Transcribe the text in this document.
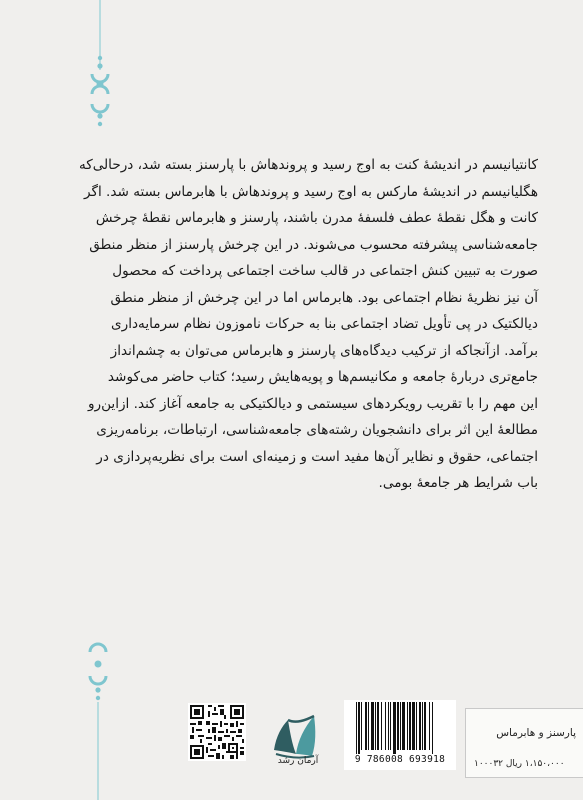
کانتیانیسم در اندیشهٔ کنت به اوج رسید و پروندهاش با پارسنز بسته شد، درحالی‌که
هگلیانیسم در اندیشهٔ مارکس به اوج رسید و پروندهاش با هابرماس بسته شد. اگر
کانت و هگل نقطهٔ عطف فلسفهٔ مدرن باشند، پارسنز و هابرماس نقطهٔ چرخش
جامعه‌شناسی پیشرفته محسوب می‌شوند. در این چرخش پارسنز از منظر منطق
صورت به تبیین کنش اجتماعی در قالب ساخت اجتماعی پرداخت که محصول
آن نیز نظریهٔ نظام اجتماعی بود. هابرماس اما در این چرخش از منظر منطق
دیالکتیک در پی تأویل تضاد اجتماعی بنا به حرکات ناموزون نظام سرمایه‌داری
برآمد. ازآنجاکه از ترکیب دیدگاه‌های پارسنز و هابرماس می‌توان به چشم‌انداز
جامع‌تری دربارهٔ جامعه و مکانیسم‌ها و پویه‌هایش رسید؛ کتاب حاضر می‌کوشد
این مهم را با تقریب رویکردهای سیستمی و دیالکتیکی به جامعه آغاز کند. ازاین‌رو
مطالعهٔ این اثر برای دانشجویان رشته‌های جامعه‌شناسی، ارتباطات، برنامه‌ریزی
اجتماعی، حقوق و نظایر آن‌ها مفید است و زمینه‌ای است برای نظریه‌پردازی در
باب شرایط هر جامعهٔ بومی.
آرمان رشد	9 786008 693918
پارسنز و هابرماس
۱،۱۵۰،۰۰۰ ریال ۱۰۰۰۳۲
